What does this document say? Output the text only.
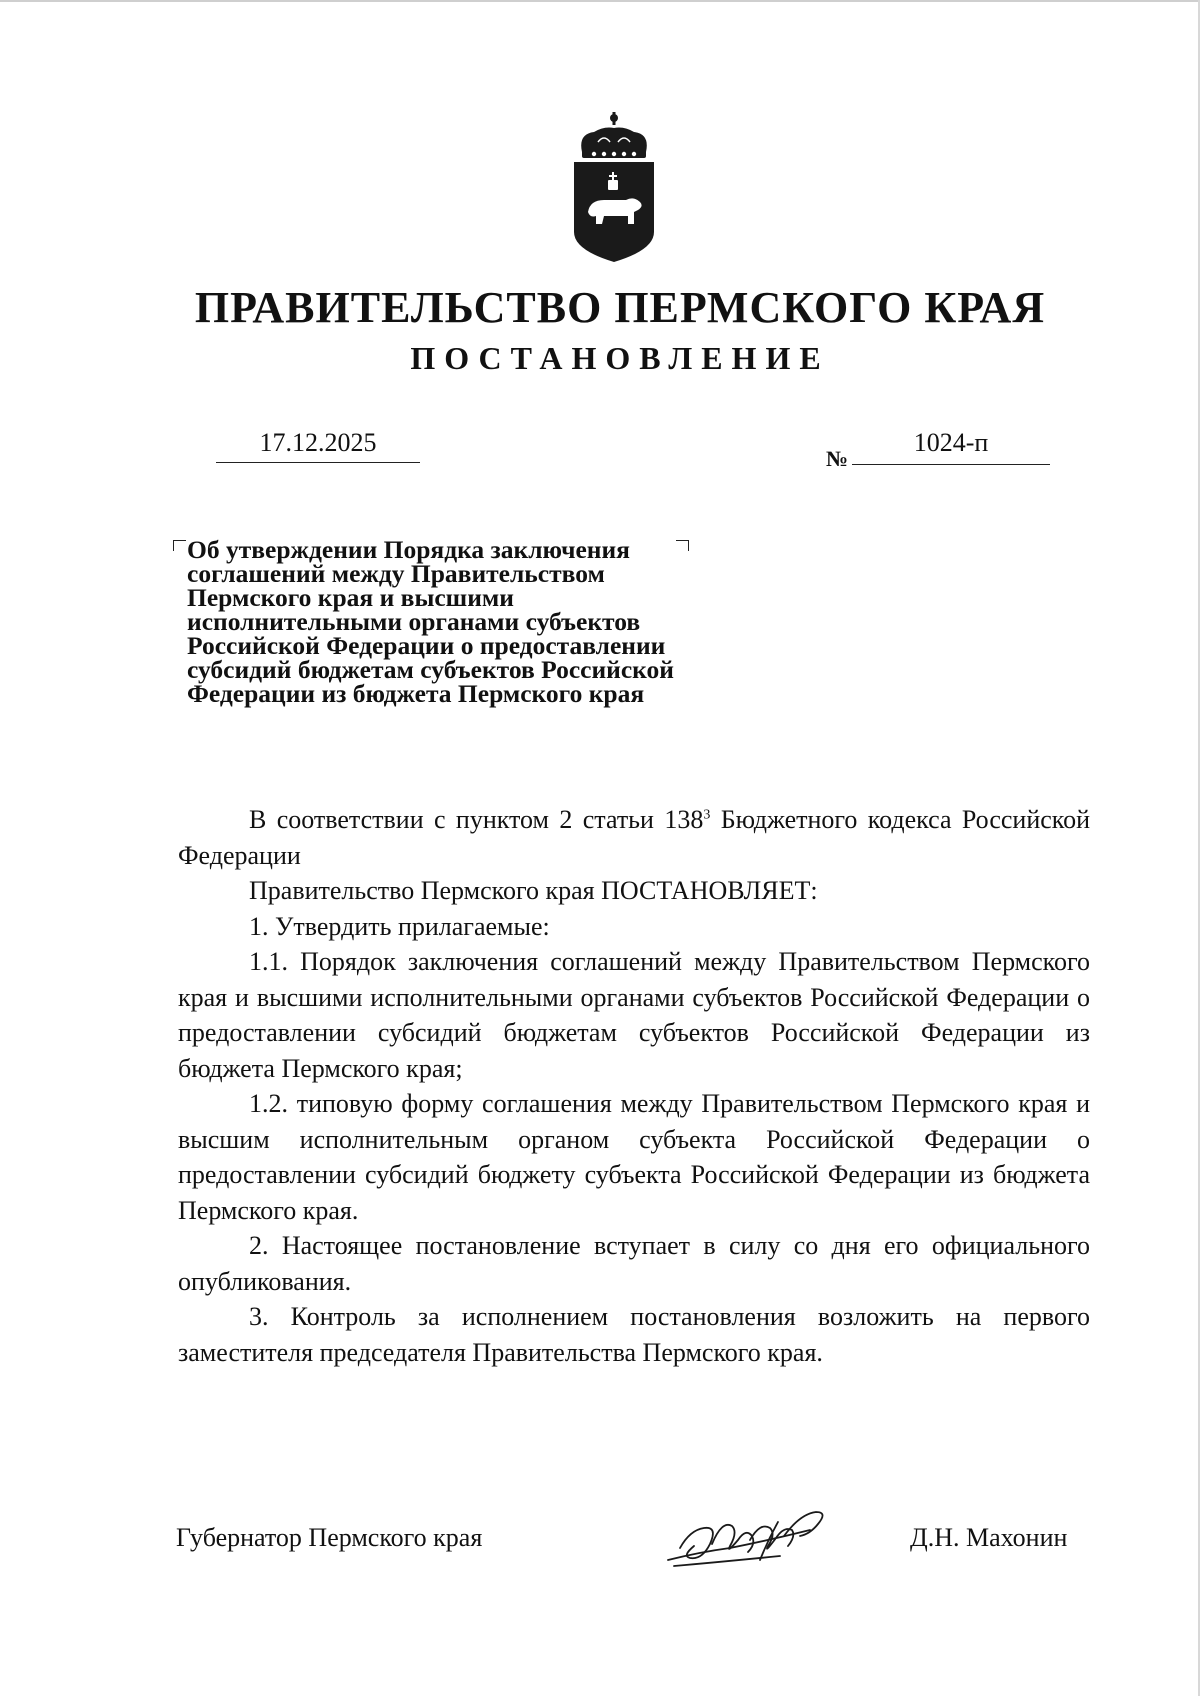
ПРАВИТЕЛЬСТВО ПЕРМСКОГО КРАЯ
ПОСТАНОВЛЕНИЕ
17.12.2025
№
1024-п
Об утверждении Порядка заключения
соглашений между Правительством
Пермского края и высшими
исполнительными органами субъектов
Российской Федерации о предоставлении
субсидий бюджетам субъектов Российской
Федерации из бюджета Пермского края

В соответствии с пунктом 2 статьи $138^3$ Бюджетного кодекса Российской Федерации

Правительство Пермского края ПОСТАНОВЛЯЕТ:

1. Утвердить прилагаемые:

1.1. Порядок заключения соглашений между Правительством Пермского края и высшими исполнительными органами субъектов Российской Федерации о предоставлении субсидий бюджетам субъектов Российской Федерации из бюджета Пермского края;

1.2. типовую форму соглашения между Правительством Пермского края и высшим исполнительным органом субъекта Российской Федерации о предоставлении субсидий бюджету субъекта Российской Федерации из бюджета Пермского края.

2. Настоящее постановление вступает в силу со дня его официального опубликования.

3. Контроль за исполнением постановления возложить на первого заместителя председателя Правительства Пермского края.

Губернатор Пермского края	Д.Н. Махонин
